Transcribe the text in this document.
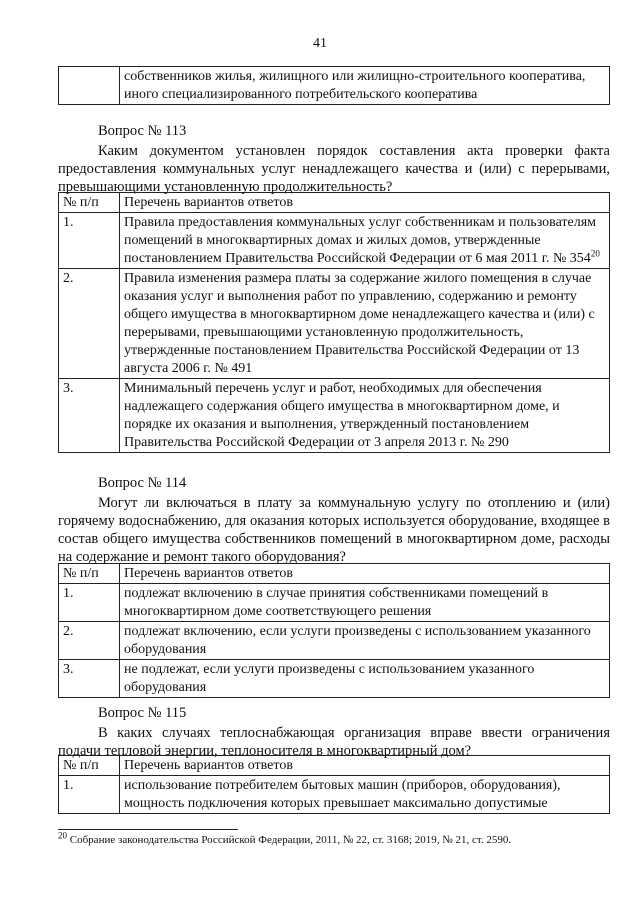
41
	собственников жилья, жилищного или жилищно-строительного кооператива, иного специализированного потребительского кооператива
Вопрос № 113
Каким документом установлен порядок составления акта проверки факта предоставления коммунальных услуг ненадлежащего качества и (или) с перерывами, превышающими установленную продолжительность?
№ п/п	Перечень вариантов ответов
1.	Правила предоставления коммунальных услуг собственникам и пользователям помещений в многоквартирных домах и жилых домов, утвержденные постановлением Правительства Российской Федерации от 6 мая 2011 г. № $354^{20}$
2.	Правила изменения размера платы за содержание жилого помещения в случае оказания услуг и выполнения работ по управлению, содержанию и ремонту общего имущества в многоквартирном доме ненадлежащего качества и (или) с перерывами, превышающими установленную продолжительность, утвержденные постановлением Правительства Российской Федерации от 13 августа 2006 г. № 491
3.	Минимальный перечень услуг и работ, необходимых для обеспечения надлежащего содержания общего имущества в многоквартирном доме, и порядке их оказания и выполнения, утвержденный постановлением Правительства Российской Федерации от 3 апреля 2013 г. № 290
Вопрос № 114
Могут ли включаться в плату за коммунальную услугу по отоплению и (или) горячему водоснабжению, для оказания которых используется оборудование, входящее в состав общего имущества собственников помещений в многоквартирном доме, расходы на содержание и ремонт такого оборудования?
№ п/п	Перечень вариантов ответов
1.	подлежат включению в случае принятия собственниками помещений в многоквартирном доме соответствующего решения
2.	подлежат включению, если услуги произведены с использованием указанного оборудования
3.	не подлежат, если услуги произведены с использованием указанного оборудования
Вопрос № 115
В каких случаях теплоснабжающая организация вправе ввести ограничения подачи тепловой энергии, теплоносителя в многоквартирный дом?
№ п/п	Перечень вариантов ответов
1.	использование потребителем бытовых машин (приборов, оборудования), мощность подключения которых превышает максимально допустимые
$^{20}$ Собрание законодательства Российской Федерации, 2011, № 22, ст. 3168; 2019, № 21, ст. 2590.
